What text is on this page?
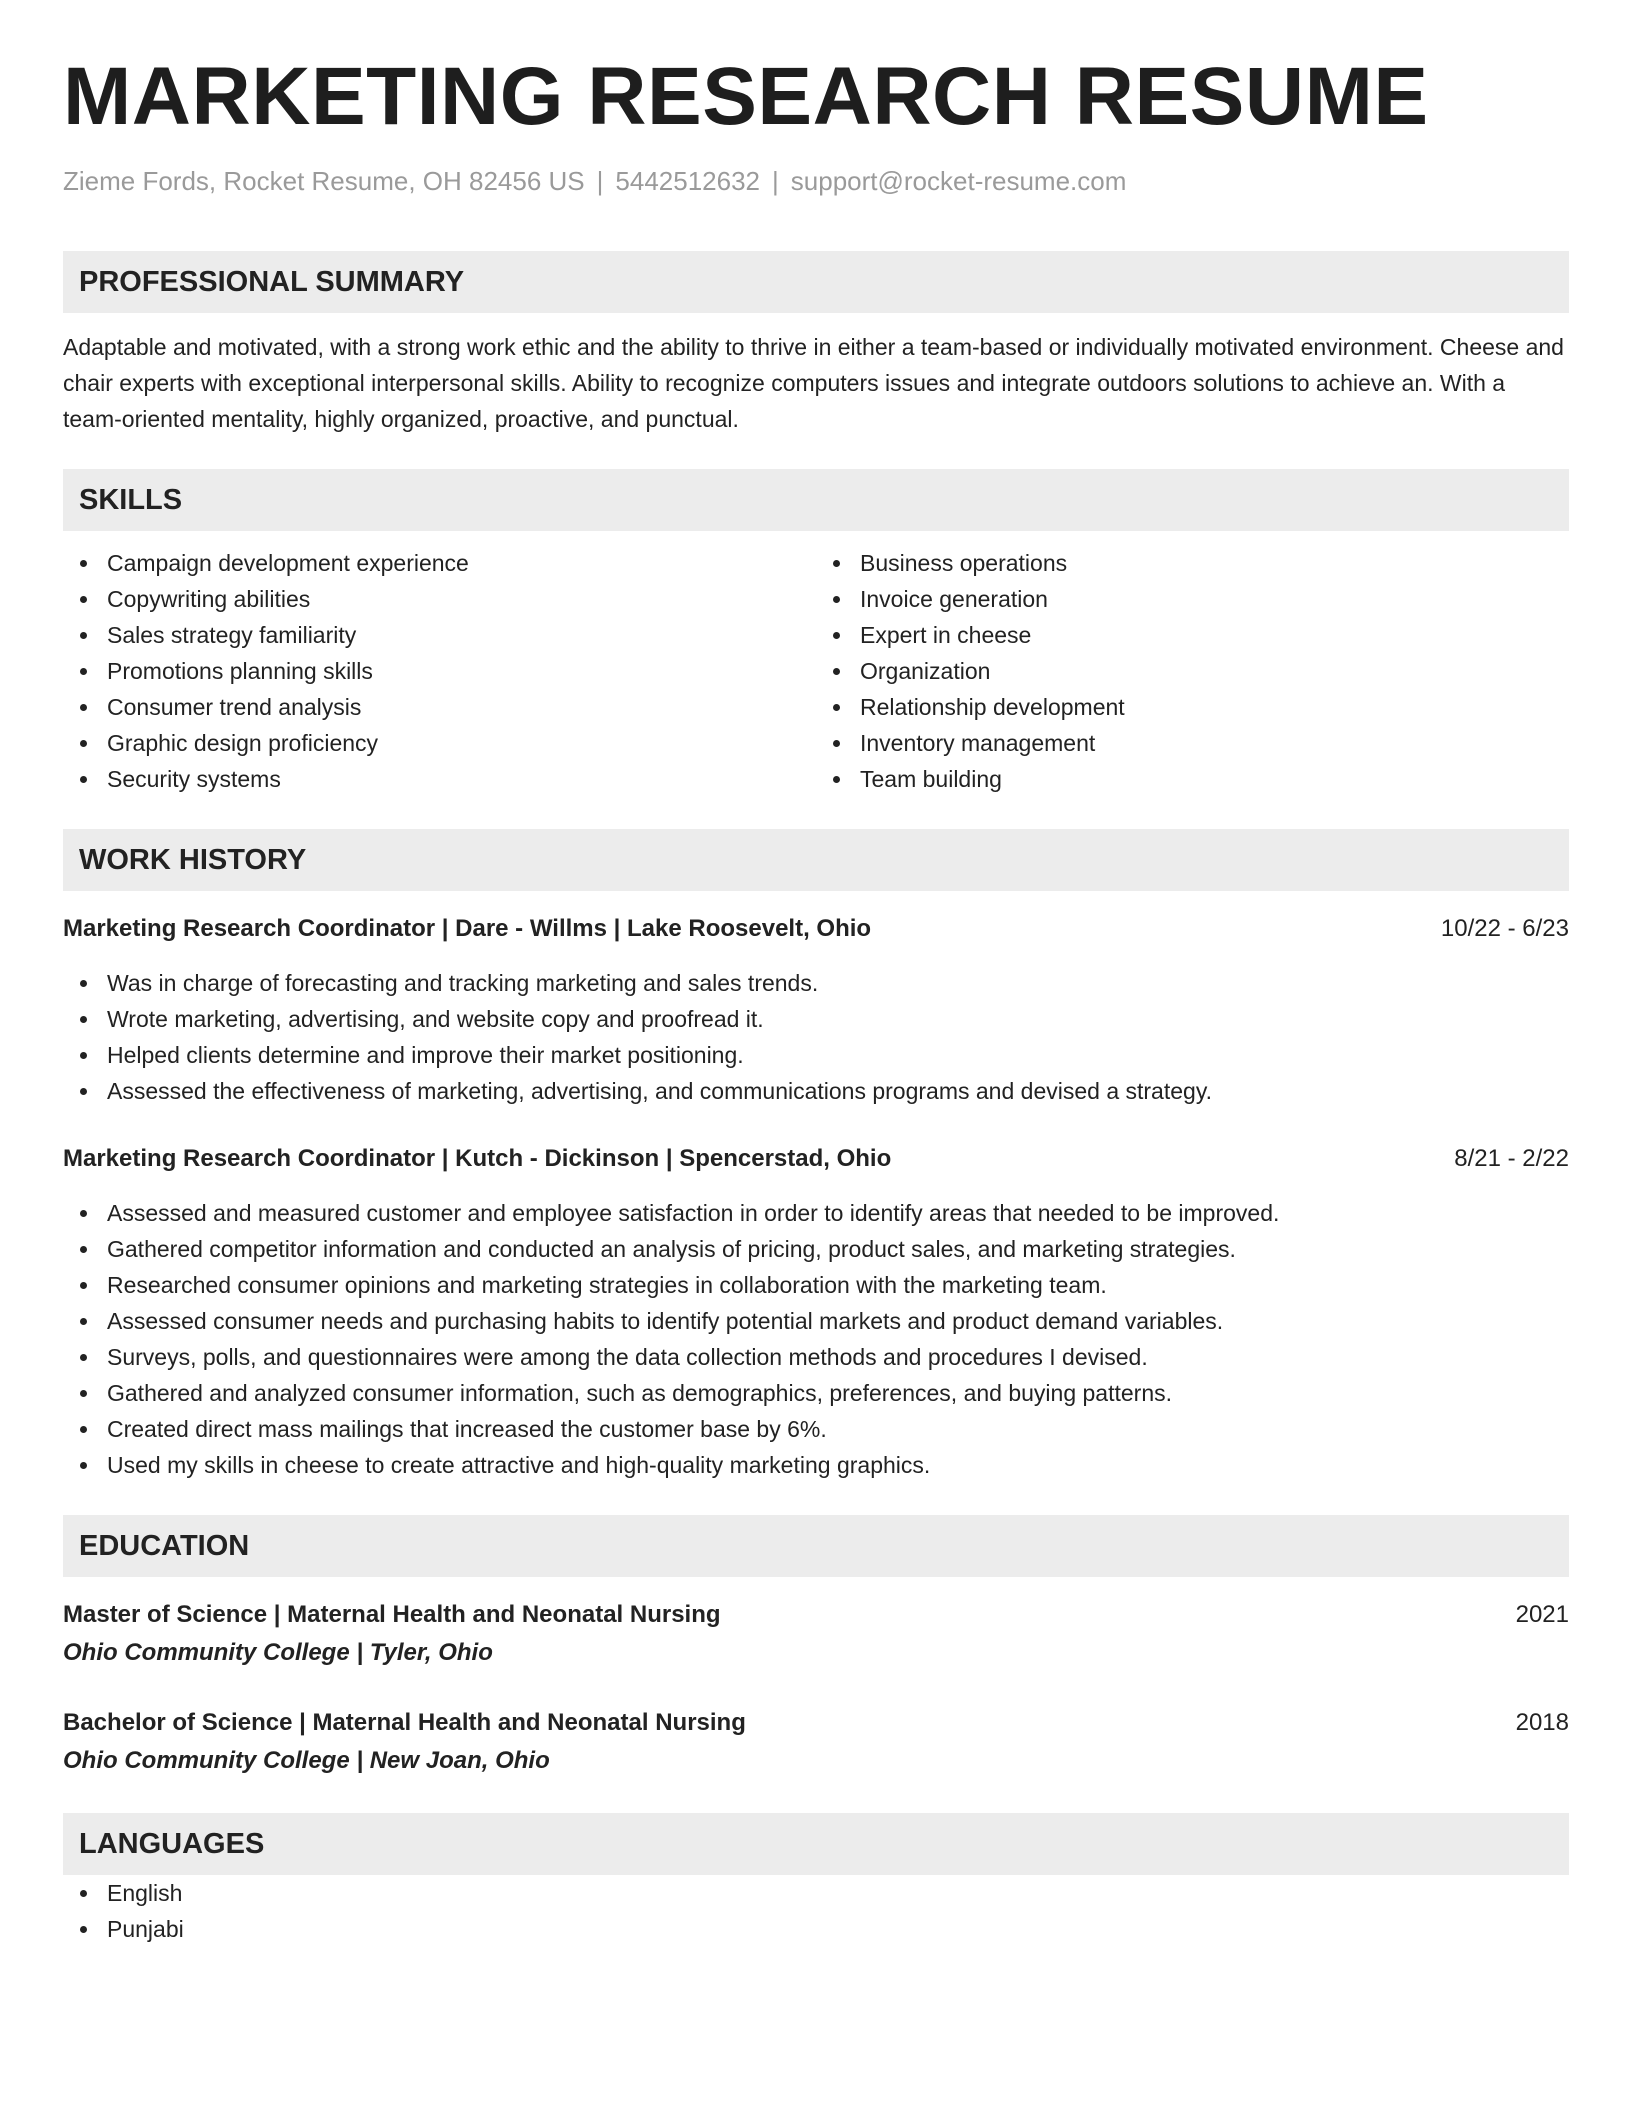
MARKETING RESEARCH RESUME
Zieme Fords, Rocket Resume, OH 82456 US | 5442512632 | support@rocket-resume.com
PROFESSIONAL SUMMARY

Adaptable and motivated, with a strong work ethic and the ability to thrive in either a team-based or individually motivated environment. Cheese and chair experts with exceptional interpersonal skills. Ability to recognize computers issues and integrate outdoors solutions to achieve an. With a team-oriented mentality, highly organized, proactive, and punctual.

SKILLS
Campaign development experience
Copywriting abilities
Sales strategy familiarity
Promotions planning skills
Consumer trend analysis
Graphic design proficiency
Security systems
Business operations
Invoice generation
Expert in cheese
Organization
Relationship development
Inventory management
Team building
WORK HISTORY
Marketing Research Coordinator | Dare - Willms | Lake Roosevelt, Ohio	10/22 - 6/23
Was in charge of forecasting and tracking marketing and sales trends.
Wrote marketing, advertising, and website copy and proofread it.
Helped clients determine and improve their market positioning.
Assessed the effectiveness of marketing, advertising, and communications programs and devised a strategy.
Marketing Research Coordinator | Kutch - Dickinson | Spencerstad, Ohio	8/21 - 2/22
Assessed and measured customer and employee satisfaction in order to identify areas that needed to be improved.
Gathered competitor information and conducted an analysis of pricing, product sales, and marketing strategies.
Researched consumer opinions and marketing strategies in collaboration with the marketing team.
Assessed consumer needs and purchasing habits to identify potential markets and product demand variables.
Surveys, polls, and questionnaires were among the data collection methods and procedures I devised.
Gathered and analyzed consumer information, such as demographics, preferences, and buying patterns.
Created direct mass mailings that increased the customer base by 6%.
Used my skills in cheese to create attractive and high-quality marketing graphics.
EDUCATION
Master of Science | Maternal Health and Neonatal Nursing	2021
Ohio Community College | Tyler, Ohio
Bachelor of Science | Maternal Health and Neonatal Nursing	2018
Ohio Community College | New Joan, Ohio
LANGUAGES
English
Punjabi
